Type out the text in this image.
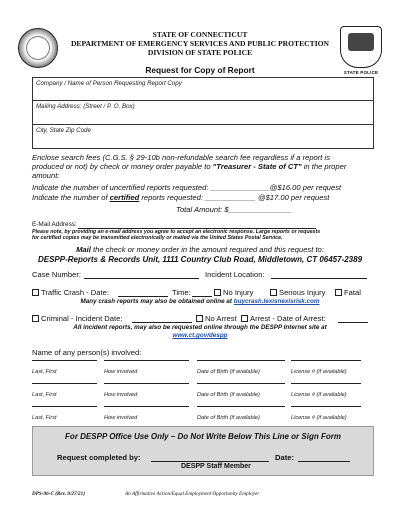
STATE POLICE
STATE OF CONNECTICUT
DEPARTMENT OF EMERGENCY SERVICES AND PUBLIC PROTECTION
DIVISION OF STATE POLICE
Request for Copy of Report
Company / Name of Person Requesting Report Copy
Mailing Address: (Street / P. O. Box)
City, State Zip Code
Enclose search fees (C.G.S. § 29-10b non-refundable search fee regardless if a report is
produced or not) by check or money order payable to "Treasurer - State of CT" in the proper
amount:
Indicate the number of uncertified reports requested: ______________@$16.00 per request
Indicate the number of certified reports requested: ____________ @$17.00 per request
Total Amount: $_______________
E-Mail Address:
Please note, by providing an e-mail address you agree to accept an electronic response. Large reports or requests
for certified copies may be transmitted electronically or mailed via the United States Postal Service.
Mail the check or money order in the amount required and this request to:
DESPP-Reports & Records Unit, 1111 Country Club Road, Middletown, CT 06457-2389
Case Number:	Incident Location:
Traffic Crash - Date:	Time:	No Injury	Serious Injury	Fatal
Many crash reports may also be obtained online at buycrash.lexisnexisrisk.com
Criminal - Incident Date:	No Arrest	Arrest - Date of Arrest:
All incident reports, may also be requested online through the DESPP Internet site at
www.ct.gov/despp
Name of any person(s) involved:
Last, First	How involved	Date of Birth (if available)	License # (if available)
Last, First	How involved	Date of Birth (if available)	License # (if available)
Last, First	How involved	Date of Birth (if available)	License # (if available)
For DESPP Office Use Only – Do Not Write Below This Line or Sign Form
Request completed by:	Date:
DESPP Staff Member
DPS-96-C (Rev. 9/27/21)	An Affirmative Action/Equal Employment Opportunity Employer
